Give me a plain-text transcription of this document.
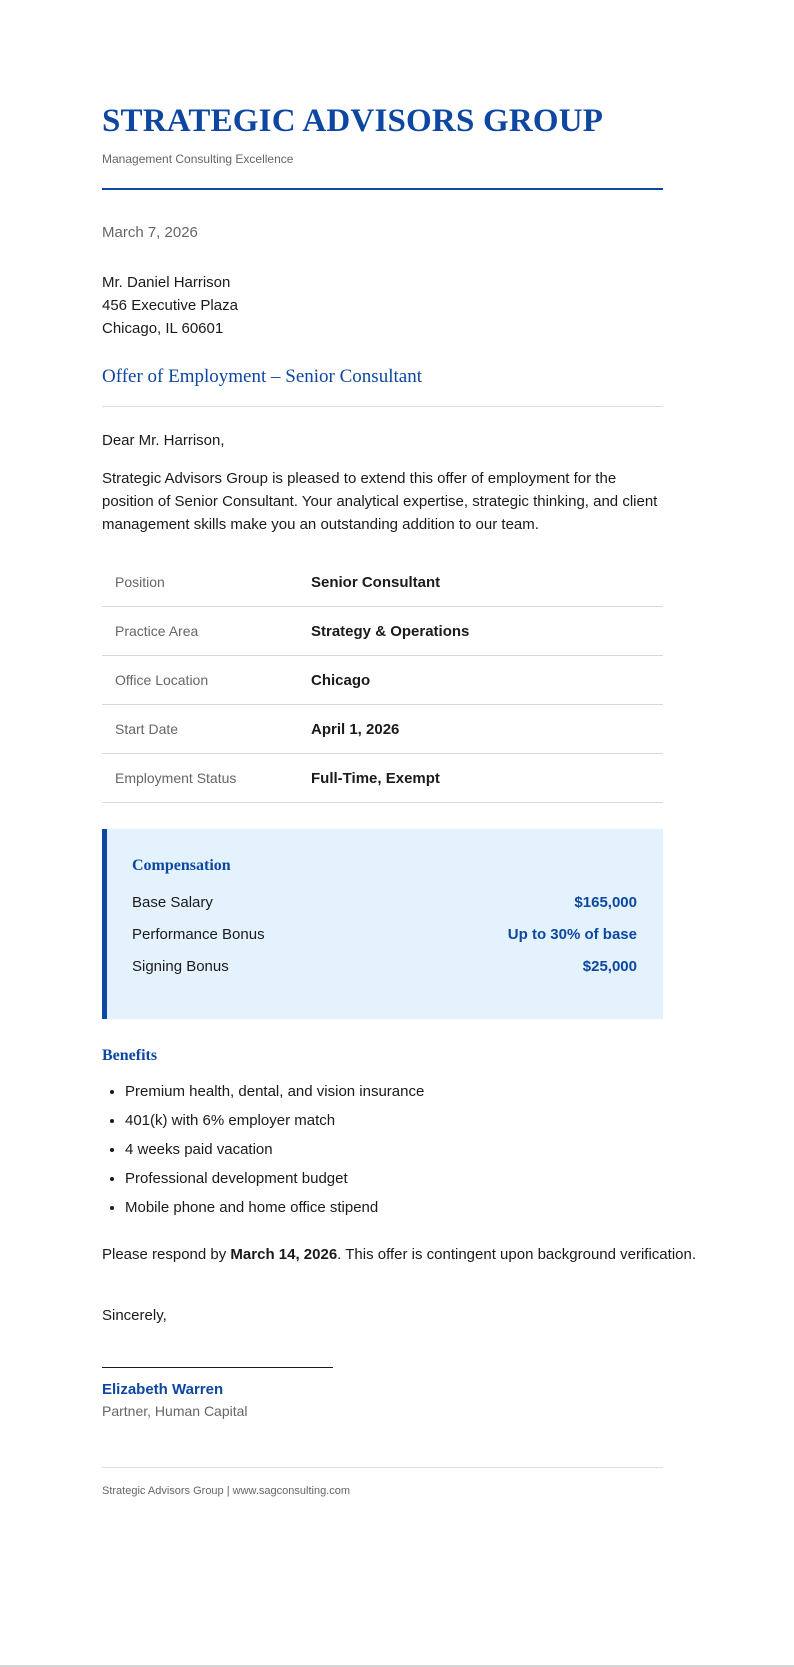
STRATEGIC ADVISORS GROUP
Management Consulting Excellence
March 7, 2026
Mr. Daniel Harrison
456 Executive Plaza
Chicago, IL 60601
Offer of Employment – Senior Consultant
Dear Mr. Harrison,

Strategic Advisors Group is pleased to extend this offer of employment for the position of Senior Consultant. Your analytical expertise, strategic thinking, and client management skills make you an outstanding addition to our team.

Position	Senior Consultant
Practice Area	Strategy & Operations
Office Location	Chicago
Start Date	April 1, 2026
Employment Status	Full-Time, Exempt
Compensation
Base Salary	$165,000
Performance Bonus	Up to 30% of base
Signing Bonus	$25,000
Benefits
• Premium health, dental, and vision insurance
• 401(k) with 6% employer match
• 4 weeks paid vacation
• Professional development budget
• Mobile phone and home office stipend
Please respond by March 14, 2026. This offer is contingent upon background verification.
Sincerely,
Elizabeth Warren
Partner, Human Capital
Strategic Advisors Group | www.sagconsulting.com
